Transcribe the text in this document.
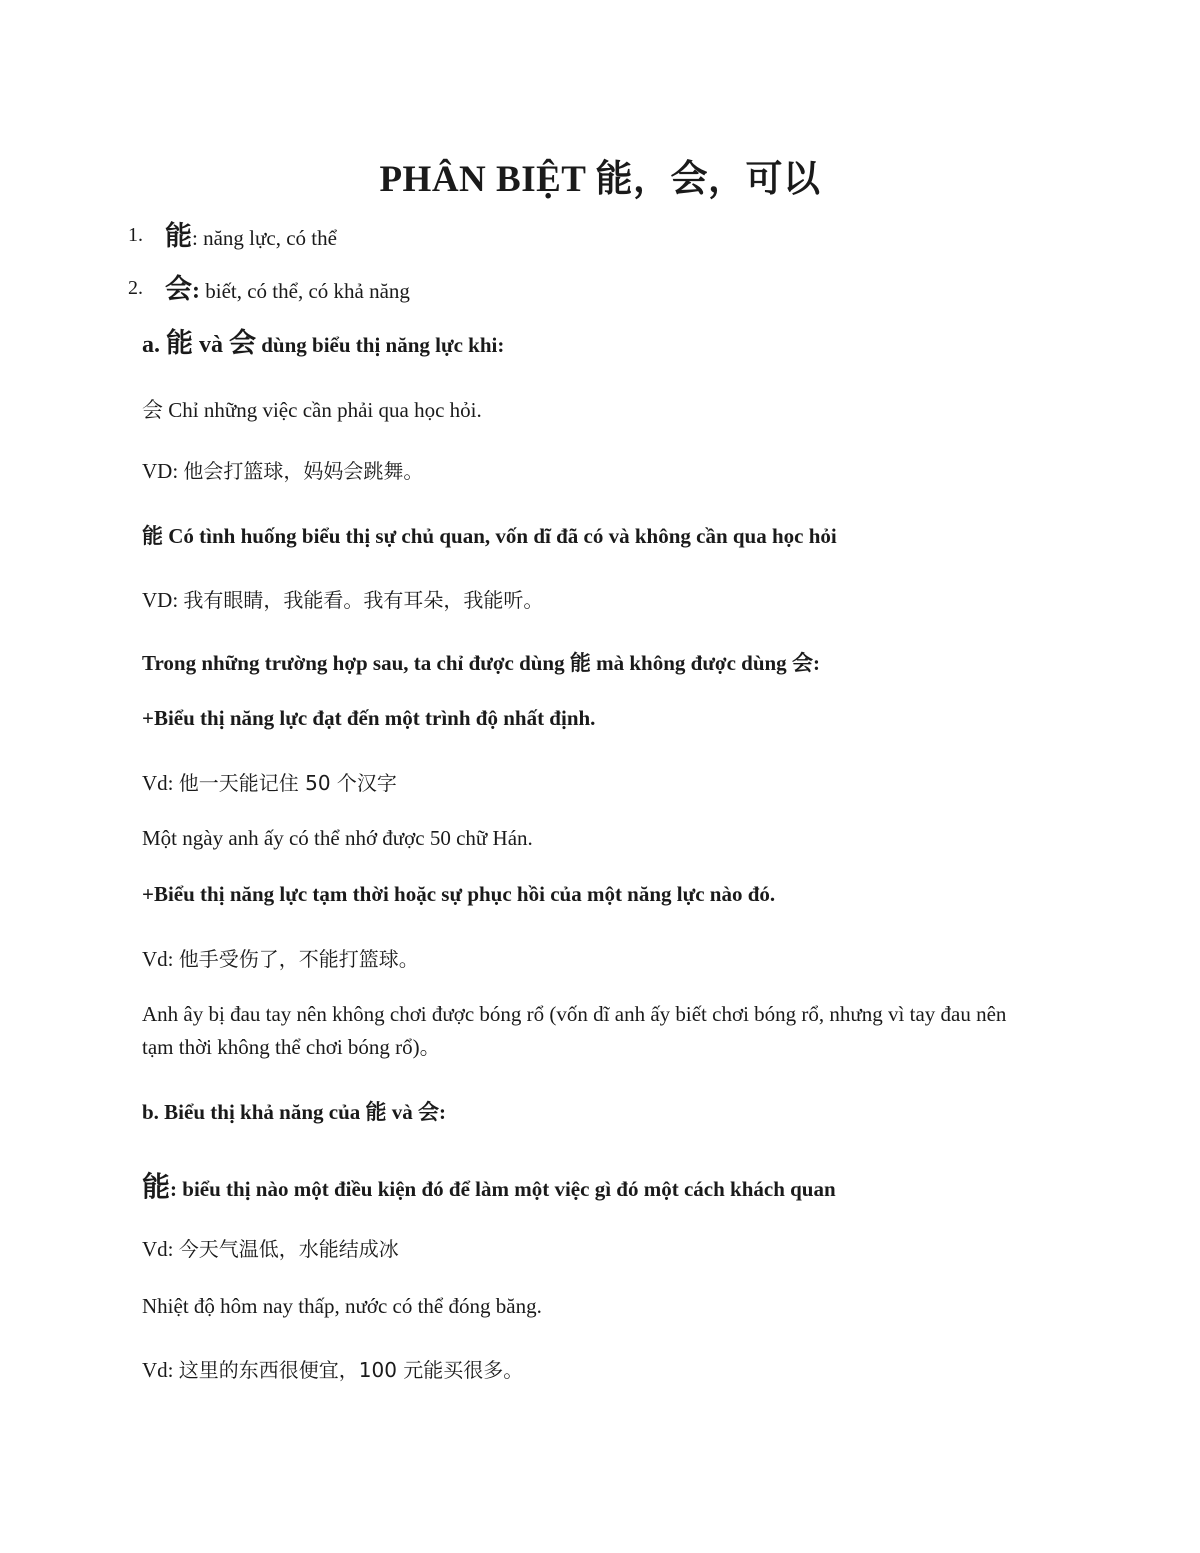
PHÂN BIỆT 能，会，可以
1. 能: năng lực, có thể
2. 会: biết, có thể, có khả năng
a. 能 và 会 dùng biểu thị năng lực khi:
会 Chỉ những việc cần phải qua học hỏi.
VD: 他会打篮球，妈妈会跳舞。
能 Có tình huống biểu thị sự chủ quan, vốn dĩ đã có và không cần qua học hỏi
VD: 我有眼睛，我能看。我有耳朵，我能听。
Trong những trường hợp sau, ta chỉ được dùng 能 mà không được dùng 会:
+Biểu thị năng lực đạt đến một trình độ nhất định.
Vd: 他一天能记住 50 个汉字
Một ngày anh ấy có thể nhớ được 50 chữ Hán.
+Biểu thị năng lực tạm thời hoặc sự phục hồi của một năng lực nào đó.
Vd: 他手受伤了，不能打篮球。
Anh ây bị đau tay nên không chơi được bóng rổ (vốn dĩ anh ấy biết chơi bóng rổ, nhưng vì tay đau nên tạm thời không thể chơi bóng rổ)。
b. Biểu thị khả năng của 能 và 会:
能: biểu thị nào một điều kiện đó để làm một việc gì đó một cách khách quan
Vd: 今天气温低，水能结成冰
Nhiệt độ hôm nay thấp, nước có thể đóng băng.
Vd: 这里的东西很便宜，100 元能买很多。
